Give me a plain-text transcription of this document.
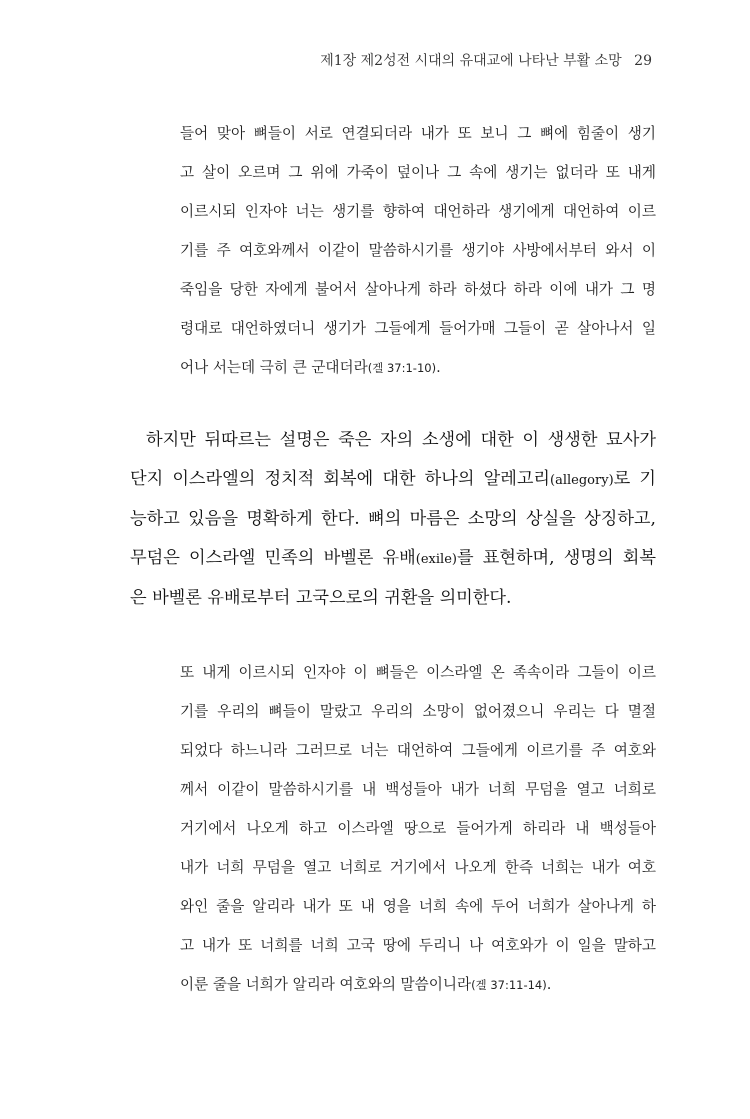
제1장 제2성전 시대의 유대교에 나타난 부활 소망 29
들어 맞아 뼈들이 서로 연결되더라 내가 또 보니 그 뼈에 힘줄이 생기
고 살이 오르며 그 위에 가죽이 덮이나 그 속에 생기는 없더라 또 내게
이르시되 인자야 너는 생기를 향하여 대언하라 생기에게 대언하여 이르
기를 주 여호와께서 이같이 말씀하시기를 생기야 사방에서부터 와서 이
죽임을 당한 자에게 불어서 살아나게 하라 하셨다 하라 이에 내가 그 명
령대로 대언하였더니 생기가 그들에게 들어가매 그들이 곧 살아나서 일
어나 서는데 극히 큰 군대더라(겔 37:1-10).
하지만 뒤따르는 설명은 죽은 자의 소생에 대한 이 생생한 묘사가
단지 이스라엘의 정치적 회복에 대한 하나의 알레고리(allegory)로 기
능하고 있음을 명확하게 한다. 뼈의 마름은 소망의 상실을 상징하고,
무덤은 이스라엘 민족의 바벨론 유배(exile)를 표현하며, 생명의 회복
은 바벨론 유배로부터 고국으로의 귀환을 의미한다.
또 내게 이르시되 인자야 이 뼈들은 이스라엘 온 족속이라 그들이 이르
기를 우리의 뼈들이 말랐고 우리의 소망이 없어졌으니 우리는 다 멸절
되었다 하느니라 그러므로 너는 대언하여 그들에게 이르기를 주 여호와
께서 이같이 말씀하시기를 내 백성들아 내가 너희 무덤을 열고 너희로
거기에서 나오게 하고 이스라엘 땅으로 들어가게 하리라 내 백성들아
내가 너희 무덤을 열고 너희로 거기에서 나오게 한즉 너희는 내가 여호
와인 줄을 알리라 내가 또 내 영을 너희 속에 두어 너희가 살아나게 하
고 내가 또 너희를 너희 고국 땅에 두리니 나 여호와가 이 일을 말하고
이룬 줄을 너희가 알리라 여호와의 말씀이니라(겔 37:11-14).
